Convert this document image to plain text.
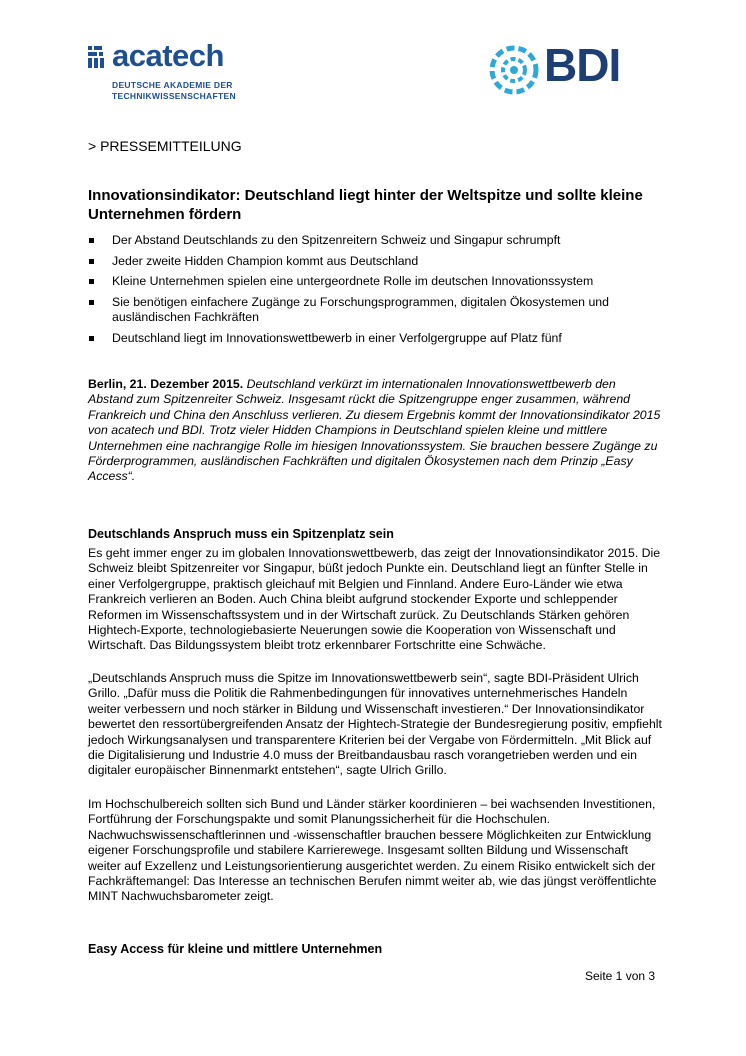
acatech
DEUTSCHE AKADEMIE DER
TECHNIKWISSENSCHAFTEN
BDI
> PRESSEMITTEILUNG
Innovationsindikator: Deutschland liegt hinter der Weltspitze und sollte kleine Unternehmen fördern
Der Abstand Deutschlands zu den Spitzenreitern Schweiz und Singapur schrumpft
Jeder zweite Hidden Champion kommt aus Deutschland
Kleine Unternehmen spielen eine untergeordnete Rolle im deutschen Innovationssystem
Sie benötigen einfachere Zugänge zu Forschungsprogrammen, digitalen Ökosystemen und ausländischen Fachkräften
Deutschland liegt im Innovationswettbewerb in einer Verfolgergruppe auf Platz fünf
Berlin, 21. Dezember 2015. Deutschland verkürzt im internationalen Innovationswettbewerb den Abstand zum Spitzenreiter Schweiz. Insgesamt rückt die Spitzengruppe enger zusammen, während Frankreich und China den Anschluss verlieren. Zu diesem Ergebnis kommt der Innovationsindikator 2015 von acatech und BDI. Trotz vieler Hidden Champions in Deutschland spielen kleine und mittlere Unternehmen eine nachrangige Rolle im hiesigen Innovationssystem. Sie brauchen bessere Zugänge zu Förderprogrammen, ausländischen Fachkräften und digitalen Ökosystemen nach dem Prinzip „Easy Access“.
Deutschlands Anspruch muss ein Spitzenplatz sein

Es geht immer enger zu im globalen Innovationswettbewerb, das zeigt der Innovationsindikator 2015. Die Schweiz bleibt Spitzenreiter vor Singapur, büßt jedoch Punkte ein. Deutschland liegt an fünfter Stelle in einer Verfolgergruppe, praktisch gleichauf mit Belgien und Finnland. Andere Euro-Länder wie etwa Frankreich verlieren an Boden. Auch China bleibt aufgrund stockender Exporte und schleppender Reformen im Wissenschaftssystem und in der Wirtschaft zurück. Zu Deutschlands Stärken gehören Hightech-Exporte, technologiebasierte Neuerungen sowie die Kooperation von Wissenschaft und Wirtschaft. Das Bildungssystem bleibt trotz erkennbarer Fortschritte eine Schwäche.

„Deutschlands Anspruch muss die Spitze im Innovationswettbewerb sein“, sagte BDI-Präsident Ulrich Grillo. „Dafür muss die Politik die Rahmenbedingungen für innovatives unternehmerisches Handeln weiter verbessern und noch stärker in Bildung und Wissenschaft investieren.“ Der Innovationsindikator bewertet den ressortübergreifenden Ansatz der Hightech-Strategie der Bundesregierung positiv, empfiehlt jedoch Wirkungsanalysen und transparentere Kriterien bei der Vergabe von Fördermitteln. „Mit Blick auf die Digitalisierung und Industrie 4.0 muss der Breitbandausbau rasch vorangetrieben werden und ein digitaler europäischer Binnenmarkt entstehen“, sagte Ulrich Grillo.

Im Hochschulbereich sollten sich Bund und Länder stärker koordinieren – bei wachsenden Investitionen, Fortführung der Forschungspakte und somit Planungssicherheit für die Hochschulen. Nachwuchswissenschaftlerinnen und -wissenschaftler brauchen bessere Möglichkeiten zur Entwicklung eigener Forschungsprofile und stabilere Karrierewege. Insgesamt sollten Bildung und Wissenschaft weiter auf Exzellenz und Leistungsorientierung ausgerichtet werden. Zu einem Risiko entwickelt sich der Fachkräftemangel: Das Interesse an technischen Berufen nimmt weiter ab, wie das jüngst veröffentlichte MINT Nachwuchsbarometer zeigt.

Easy Access für kleine und mittlere Unternehmen
Seite 1 von 3
